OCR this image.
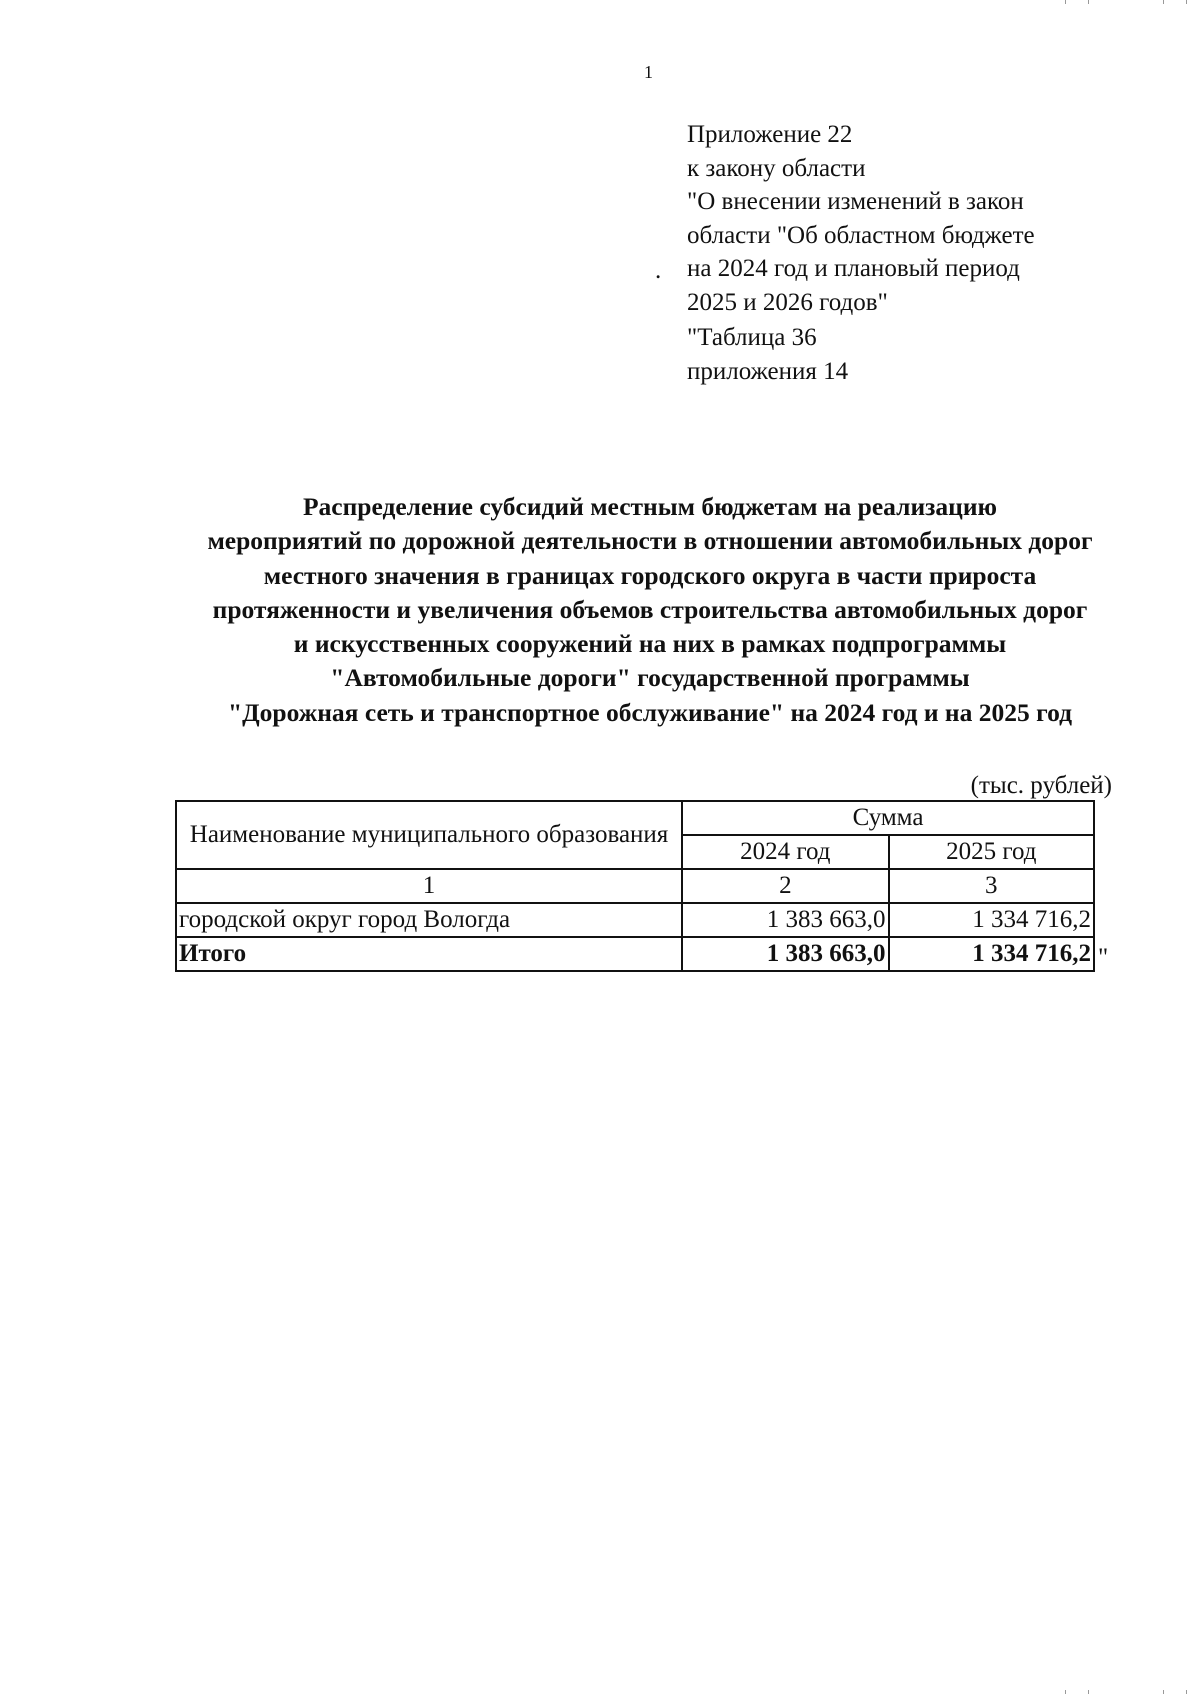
1
Приложение 22
к закону области
"О внесении изменений в закон
области "Об областном бюджете
на 2024 год и плановый период
2025 и 2026 годов"
"Таблица 36
приложения 14
.
Распределение субсидий местным бюджетам на реализацию
мероприятий по дорожной деятельности в отношении автомобильных дорог
местного значения в границах городского округа в части прироста
протяженности и увеличения объемов строительства автомобильных дорог
и искусственных сооружений на них в рамках подпрограммы
"Автомобильные дороги" государственной программы
"Дорожная сеть и транспортное обслуживание" на 2024 год и на 2025 год
(тыс. рублей)
Наименование муниципального образования	Сумма	
	2024 год	2025 год
1	2	3
городской округ город Вологда	1 383 663,0	1 334 716,2
Итого	1 383 663,0	1 334 716,2 "
